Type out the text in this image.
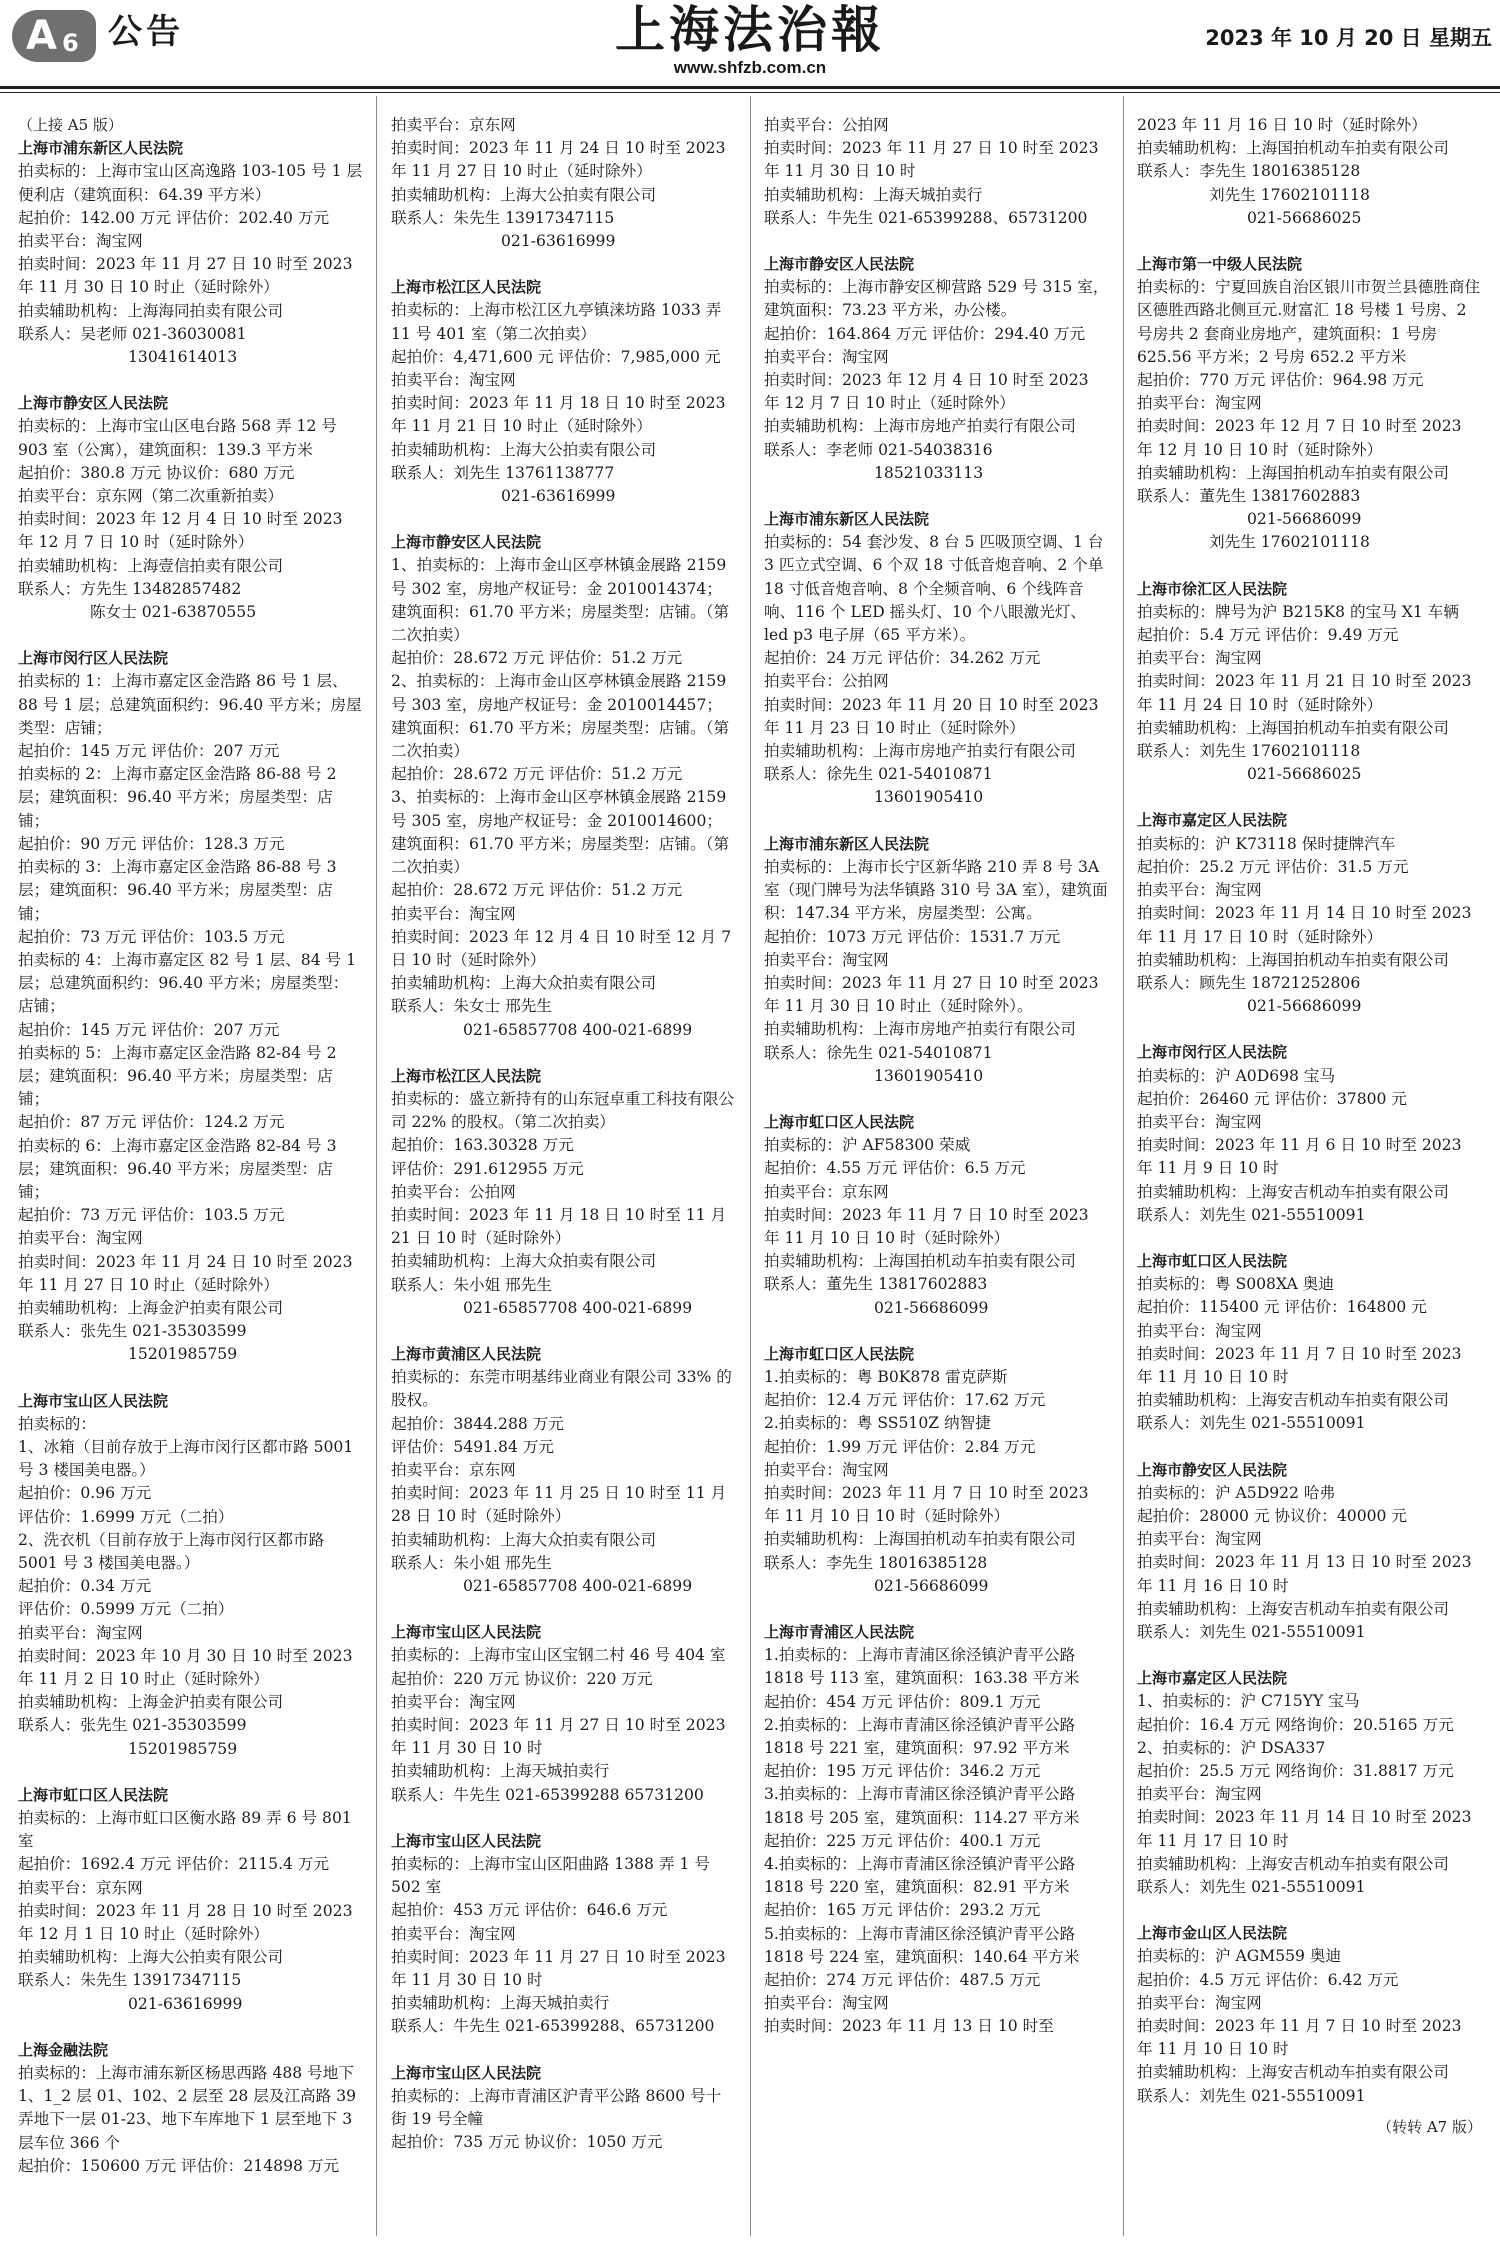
A 6 公告	上海法治報
www.shfzb.com.cn
2023 年 10 月 20 日 星期五

（上接 A5 版）

上海市浦东新区人民法院

拍卖标的：上海市宝山区高逸路 103-105 号 1 层便利店（建筑面积：64.39 平方米）

起拍价：142.00 万元 评估价：202.40 万元

拍卖平台：淘宝网

拍卖时间：2023 年 11 月 27 日 10 时至 2023 年 11 月 30 日 10 时止（延时除外）

拍卖辅助机构：上海海同拍卖有限公司

联系人：吴老师 021-36030081

13041614013

上海市静安区人民法院

拍卖标的：上海市宝山区电台路 568 弄 12 号 903 室（公寓），建筑面积：139.3 平方米

起拍价：380.8 万元 协议价：680 万元

拍卖平台：京东网（第二次重新拍卖）

拍卖时间：2023 年 12 月 4 日 10 时至 2023 年 12 月 7 日 10 时（延时除外）

拍卖辅助机构：上海壹信拍卖有限公司

联系人：方先生 13482857482

陈女士 021-63870555

上海市闵行区人民法院

拍卖标的 1：上海市嘉定区金浩路 86 号 1 层、88 号 1 层；总建筑面积约：96.40 平方米；房屋类型：店铺；

起拍价：145 万元 评估价：207 万元

拍卖标的 2：上海市嘉定区金浩路 86-88 号 2 层；建筑面积：96.40 平方米；房屋类型：店铺；

起拍价：90 万元 评估价：128.3 万元

拍卖标的 3：上海市嘉定区金浩路 86-88 号 3 层；建筑面积：96.40 平方米；房屋类型：店铺；

起拍价：73 万元 评估价：103.5 万元

拍卖标的 4：上海市嘉定区 82 号 1 层、84 号 1 层；总建筑面积约：96.40 平方米；房屋类型：店铺；

起拍价：145 万元 评估价：207 万元

拍卖标的 5：上海市嘉定区金浩路 82-84 号 2 层；建筑面积：96.40 平方米；房屋类型：店铺；

起拍价：87 万元 评估价：124.2 万元

拍卖标的 6：上海市嘉定区金浩路 82-84 号 3 层；建筑面积：96.40 平方米；房屋类型：店铺；

起拍价：73 万元 评估价：103.5 万元

拍卖平台：淘宝网

拍卖时间：2023 年 11 月 24 日 10 时至 2023 年 11 月 27 日 10 时止（延时除外）

拍卖辅助机构：上海金沪拍卖有限公司

联系人：张先生 021-35303599

15201985759

上海市宝山区人民法院

拍卖标的：

1、冰箱（目前存放于上海市闵行区都市路 5001 号 3 楼国美电器。）

起拍价：0.96 万元

评估价：1.6999 万元（二拍）

2、洗衣机（目前存放于上海市闵行区都市路 5001 号 3 楼国美电器。）

起拍价：0.34 万元

评估价：0.5999 万元（二拍）

拍卖平台：淘宝网

拍卖时间：2023 年 10 月 30 日 10 时至 2023 年 11 月 2 日 10 时止（延时除外）

拍卖辅助机构：上海金沪拍卖有限公司

联系人：张先生 021-35303599

15201985759

上海市虹口区人民法院

拍卖标的：上海市虹口区衡水路 89 弄 6 号 801 室

起拍价：1692.4 万元 评估价：2115.4 万元

拍卖平台：京东网

拍卖时间：2023 年 11 月 28 日 10 时至 2023 年 12 月 1 日 10 时止（延时除外）

拍卖辅助机构：上海大公拍卖有限公司

联系人：朱先生 13917347115

021-63616999

上海金融法院

拍卖标的：上海市浦东新区杨思西路 488 号地下 1、1_2 层 01、102、2 层至 28 层及江高路 39 弄地下一层 01-23、地下车库地下 1 层至地下 3 层车位 366 个

起拍价：150600 万元 评估价：214898 万元

拍卖平台：京东网

拍卖时间：2023 年 11 月 24 日 10 时至 2023 年 11 月 27 日 10 时止（延时除外）

拍卖辅助机构：上海大公拍卖有限公司

联系人：朱先生 13917347115

021-63616999

上海市松江区人民法院

拍卖标的：上海市松江区九亭镇涞坊路 1033 弄 11 号 401 室（第二次拍卖）

起拍价：4,471,600 元 评估价：7,985,000 元

拍卖平台：淘宝网

拍卖时间：2023 年 11 月 18 日 10 时至 2023 年 11 月 21 日 10 时止（延时除外）

拍卖辅助机构：上海大公拍卖有限公司

联系人：刘先生 13761138777

021-63616999

上海市静安区人民法院

1、拍卖标的：上海市金山区亭林镇金展路 2159 号 302 室，房地产权证号：金 2010014374；建筑面积：61.70 平方米；房屋类型：店铺。（第二次拍卖）

起拍价：28.672 万元 评估价：51.2 万元

2、拍卖标的：上海市金山区亭林镇金展路 2159 号 303 室，房地产权证号：金 2010014457；建筑面积：61.70 平方米；房屋类型：店铺。（第二次拍卖）

起拍价：28.672 万元 评估价：51.2 万元

3、拍卖标的：上海市金山区亭林镇金展路 2159 号 305 室，房地产权证号：金 2010014600；建筑面积：61.70 平方米；房屋类型：店铺。（第二次拍卖）

起拍价：28.672 万元 评估价：51.2 万元

拍卖平台：淘宝网

拍卖时间：2023 年 12 月 4 日 10 时至 12 月 7 日 10 时（延时除外）

拍卖辅助机构：上海大众拍卖有限公司

联系人：朱女士 邢先生

021-65857708 400-021-6899

上海市松江区人民法院

拍卖标的：盛立新持有的山东冠卓重工科技有限公司 22% 的股权。（第二次拍卖）

起拍价：163.30328 万元

评估价：291.612955 万元

拍卖平台：公拍网

拍卖时间：2023 年 11 月 18 日 10 时至 11 月 21 日 10 时（延时除外）

拍卖辅助机构：上海大众拍卖有限公司

联系人：朱小姐 邢先生

021-65857708 400-021-6899

上海市黄浦区人民法院

拍卖标的：东莞市明基纬业商业有限公司 33% 的股权。

起拍价：3844.288 万元

评估价：5491.84 万元

拍卖平台：京东网

拍卖时间：2023 年 11 月 25 日 10 时至 11 月 28 日 10 时（延时除外）

拍卖辅助机构：上海大众拍卖有限公司

联系人：朱小姐 邢先生

021-65857708 400-021-6899

上海市宝山区人民法院

拍卖标的：上海市宝山区宝钢二村 46 号 404 室

起拍价：220 万元 协议价：220 万元

拍卖平台：淘宝网

拍卖时间：2023 年 11 月 27 日 10 时至 2023 年 11 月 30 日 10 时

拍卖辅助机构：上海天城拍卖行

联系人：牛先生 021-65399288 65731200

上海市宝山区人民法院

拍卖标的：上海市宝山区阳曲路 1388 弄 1 号 502 室

起拍价：453 万元 评估价：646.6 万元

拍卖平台：淘宝网

拍卖时间：2023 年 11 月 27 日 10 时至 2023 年 11 月 30 日 10 时

拍卖辅助机构：上海天城拍卖行

联系人：牛先生 021-65399288、65731200

上海市宝山区人民法院

拍卖标的：上海市青浦区沪青平公路 8600 号十街 19 号全幢

起拍价：735 万元 协议价：1050 万元

拍卖平台：公拍网

拍卖时间：2023 年 11 月 27 日 10 时至 2023 年 11 月 30 日 10 时

拍卖辅助机构：上海天城拍卖行

联系人：牛先生 021-65399288、65731200

上海市静安区人民法院

拍卖标的：上海市静安区柳营路 529 号 315 室，建筑面积：73.23 平方米，办公楼。

起拍价：164.864 万元 评估价：294.40 万元

拍卖平台：淘宝网

拍卖时间：2023 年 12 月 4 日 10 时至 2023 年 12 月 7 日 10 时止（延时除外）

拍卖辅助机构：上海市房地产拍卖行有限公司

联系人：李老师 021-54038316

18521033113

上海市浦东新区人民法院

拍卖标的：54 套沙发、8 台 5 匹吸顶空调、1 台 3 匹立式空调、6 个双 18 寸低音炮音响、2 个单 18 寸低音炮音响、8 个全频音响、6 个线阵音响、116 个 LED 摇头灯、10 个八眼激光灯、led p3 电子屏（65 平方米）。

起拍价：24 万元 评估价：34.262 万元

拍卖平台：公拍网

拍卖时间：2023 年 11 月 20 日 10 时至 2023 年 11 月 23 日 10 时止（延时除外）

拍卖辅助机构：上海市房地产拍卖行有限公司

联系人：徐先生 021-54010871

13601905410

上海市浦东新区人民法院

拍卖标的：上海市长宁区新华路 210 弄 8 号 3A 室（现门牌号为法华镇路 310 号 3A 室），建筑面积：147.34 平方米，房屋类型：公寓。

起拍价：1073 万元 评估价：1531.7 万元

拍卖平台：淘宝网

拍卖时间：2023 年 11 月 27 日 10 时至 2023 年 11 月 30 日 10 时止（延时除外）。

拍卖辅助机构：上海市房地产拍卖行有限公司

联系人：徐先生 021-54010871

13601905410

上海市虹口区人民法院

拍卖标的：沪 AF58300 荣威

起拍价：4.55 万元 评估价：6.5 万元

拍卖平台：京东网

拍卖时间：2023 年 11 月 7 日 10 时至 2023 年 11 月 10 日 10 时（延时除外）

拍卖辅助机构：上海国拍机动车拍卖有限公司

联系人：董先生 13817602883

021-56686099

上海市虹口区人民法院

1.拍卖标的：粤 B0K878 雷克萨斯

起拍价：12.4 万元 评估价：17.62 万元

2.拍卖标的：粤 SS510Z 纳智捷

起拍价：1.99 万元 评估价：2.84 万元

拍卖平台：淘宝网

拍卖时间：2023 年 11 月 7 日 10 时至 2023 年 11 月 10 日 10 时（延时除外）

拍卖辅助机构：上海国拍机动车拍卖有限公司

联系人：李先生 18016385128

021-56686099

上海市青浦区人民法院

1.拍卖标的：上海市青浦区徐泾镇沪青平公路 1818 号 113 室，建筑面积：163.38 平方米

起拍价：454 万元 评估价：809.1 万元

2.拍卖标的：上海市青浦区徐泾镇沪青平公路 1818 号 221 室，建筑面积：97.92 平方米

起拍价：195 万元 评估价：346.2 万元

3.拍卖标的：上海市青浦区徐泾镇沪青平公路 1818 号 205 室，建筑面积：114.27 平方米

起拍价：225 万元 评估价：400.1 万元

4.拍卖标的：上海市青浦区徐泾镇沪青平公路 1818 号 220 室，建筑面积：82.91 平方米

起拍价：165 万元 评估价：293.2 万元

5.拍卖标的：上海市青浦区徐泾镇沪青平公路 1818 号 224 室，建筑面积：140.64 平方米

起拍价：274 万元 评估价：487.5 万元

拍卖平台：淘宝网

拍卖时间：2023 年 11 月 13 日 10 时至

2023 年 11 月 16 日 10 时（延时除外）

拍卖辅助机构：上海国拍机动车拍卖有限公司

联系人：李先生 18016385128

刘先生 17602101118

021-56686025

上海市第一中级人民法院

拍卖标的：宁夏回族自治区银川市贺兰县德胜商住区德胜西路北侧亘元.财富汇 18 号楼 1 号房、2 号房共 2 套商业房地产，建筑面积：1 号房 625.56 平方米；2 号房 652.2 平方米

起拍价：770 万元 评估价：964.98 万元

拍卖平台：淘宝网

拍卖时间：2023 年 12 月 7 日 10 时至 2023 年 12 月 10 日 10 时（延时除外）

拍卖辅助机构：上海国拍机动车拍卖有限公司

联系人：董先生 13817602883

021-56686099

刘先生 17602101118

上海市徐汇区人民法院

拍卖标的：牌号为沪 B215K8 的宝马 X1 车辆

起拍价：5.4 万元 评估价：9.49 万元

拍卖平台：淘宝网

拍卖时间：2023 年 11 月 21 日 10 时至 2023 年 11 月 24 日 10 时（延时除外）

拍卖辅助机构：上海国拍机动车拍卖有限公司

联系人：刘先生 17602101118

021-56686025

上海市嘉定区人民法院

拍卖标的：沪 K73118 保时捷牌汽车

起拍价：25.2 万元 评估价：31.5 万元

拍卖平台：淘宝网

拍卖时间：2023 年 11 月 14 日 10 时至 2023 年 11 月 17 日 10 时（延时除外）

拍卖辅助机构：上海国拍机动车拍卖有限公司

联系人：顾先生 18721252806

021-56686099

上海市闵行区人民法院

拍卖标的：沪 A0D698 宝马

起拍价：26460 元 评估价：37800 元

拍卖平台：淘宝网

拍卖时间：2023 年 11 月 6 日 10 时至 2023 年 11 月 9 日 10 时

拍卖辅助机构：上海安吉机动车拍卖有限公司

联系人：刘先生 021-55510091

上海市虹口区人民法院

拍卖标的：粤 S008XA 奥迪

起拍价：115400 元 评估价：164800 元

拍卖平台：淘宝网

拍卖时间：2023 年 11 月 7 日 10 时至 2023 年 11 月 10 日 10 时

拍卖辅助机构：上海安吉机动车拍卖有限公司

联系人：刘先生 021-55510091

上海市静安区人民法院

拍卖标的：沪 A5D922 哈弗

起拍价：28000 元 协议价：40000 元

拍卖平台：淘宝网

拍卖时间：2023 年 11 月 13 日 10 时至 2023 年 11 月 16 日 10 时

拍卖辅助机构：上海安吉机动车拍卖有限公司

联系人：刘先生 021-55510091

上海市嘉定区人民法院

1、拍卖标的：沪 C715YY 宝马

起拍价：16.4 万元 网络询价：20.5165 万元

2、拍卖标的：沪 DSA337

起拍价：25.5 万元 网络询价：31.8817 万元

拍卖平台：淘宝网

拍卖时间：2023 年 11 月 14 日 10 时至 2023 年 11 月 17 日 10 时

拍卖辅助机构：上海安吉机动车拍卖有限公司

联系人：刘先生 021-55510091

上海市金山区人民法院

拍卖标的：沪 AGM559 奥迪

起拍价：4.5 万元 评估价：6.42 万元

拍卖平台：淘宝网

拍卖时间：2023 年 11 月 7 日 10 时至 2023 年 11 月 10 日 10 时

拍卖辅助机构：上海安吉机动车拍卖有限公司

联系人：刘先生 021-55510091

（转转 A7 版）
